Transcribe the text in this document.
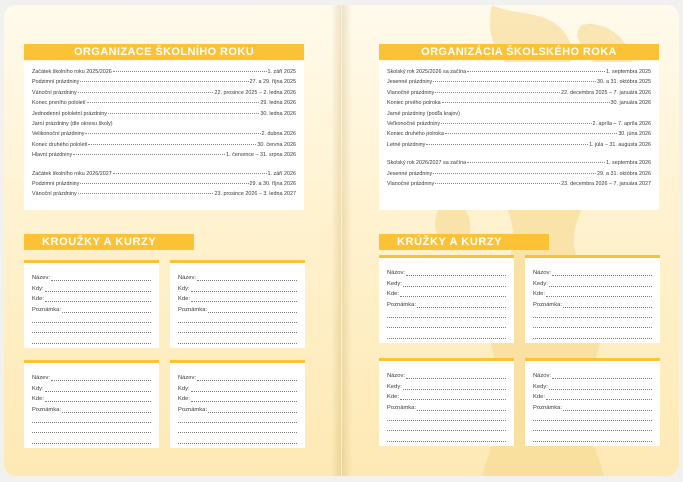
ORGANIZACE ŠKOLNÍHO ROKU
Začátek školního roku 2025/2026	1. září 2025
Podzimní prázdniny	27. a 29. října 2025
Vánoční prázdniny	22. prosince 2025 – 2. ledna 2026
Konec prvního pololetí	29. ledna 2026
Jednodenní pololetní prázdniny	30. ledna 2026
Jarní prázdniny (dle okresu školy)
Velikonoční prázdniny	2. dubna 2026
Konec druhého pololetí	30. června 2026
Hlavní prázdniny	1. července – 31. srpna 2026
Začátek školního roku 2026/2027	1. září 2026
Podzimní prázdniny	29. a 30. října 2026
Vánoční prázdniny	23. prosince 2026 – 3. ledna 2027
KROUŽKY A KURZY
Název:
Kdy:
Kde:
Poznámka:
Název:
Kdy:
Kde:
Poznámka:
Název:
Kdy:
Kde:
Poznámka:
Název:
Kdy:
Kde:
Poznámka:
ORGANIZÁCIA ŠKOLSKÉHO ROKA
Školský rok 2025/2026 sa začína	1. septembra 2025
Jesenné prázdniny	30. a 31. októbra 2025
Vianočné prázdniny	22. decembra 2025 – 7. januára 2026
Koniec prvého polroka	30. januára 2026
Jarné prázdniny (podľa krajov)
Veľkonočné prázdniny	2. apríla – 7. apríla 2026
Koniec druhého polroka	30. júna 2026
Letné prázdniny	1. júla – 31. augusta 2026
Školský rok 2026/2027 sa začína	1. septembra 2026
Jesenné prázdniny	29. a 31. októbra 2026
Vianočné prázdniny	23. decembra 2026 – 7. januára 2027
KRÚŽKY A KURZY
Názov:
Kedy:
Kde:
Poznámka:
Názov:
Kedy:
Kde:
Poznámka:
Názov:
Kedy:
Kde:
Poznámka:
Názov:
Kedy:
Kde:
Poznámka:
